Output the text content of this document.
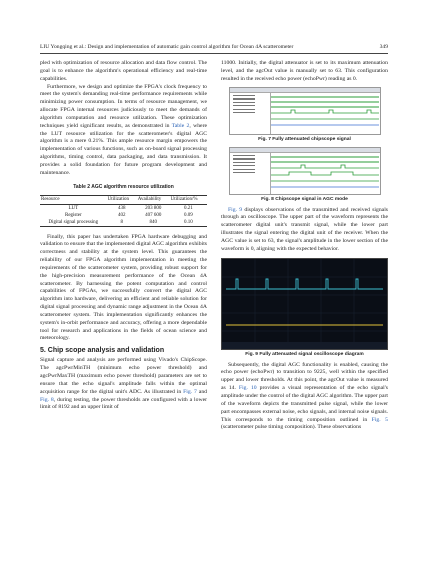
LIU Yongqing et al.: Design and implementation of automatic gain control algorithm for Ocean 4A scatterometer	349

pled with optimization of resource allocation and data flow control. The goal is to enhance the algorithm's operational efficiency and real-time capabilities.

Furthermore, we design and optimize the FPGA's clock frequency to meet the system's demanding real-time performance requirements while minimizing power consumption. In terms of resource management, we allocate FPGA internal resources judiciously to meet the demands of algorithm computation and resource utilization. These optimization techniques yield significant results, as demonstrated in Table 2, where the LUT resource utilization for the scatterometer's digital AGC algorithm is a mere 0.21%. This ample resource margin empowers the implementation of various functions, such as on-board signal processing algorithms, timing control, data packaging, and data transmission. It provides a solid foundation for future program development and maintenance.

Table 2 AGC algorithm resource utilization
Resource	Utilization	Availability	Utilization/%
LUT	438	203 800	0.21
Register	402	407 600	0.09
Digital signal processing	8	840	0.10

Finally, this paper has undertaken FPGA hardware debugging and validation to ensure that the implemented digital AGC algorithm exhibits correctness and stability at the system level. This guarantees the reliability of our FPGA algorithm implementation in meeting the requirements of the scatterometer system, providing robust support for the high-precision measurement performance of the Ocean 4A scatterometer. By harnessing the potent computation and control capabilities of FPGAs, we successfully convert the digital AGC algorithm into hardware, delivering an efficient and reliable solution for digital signal processing and dynamic range adjustment in the Ocean 4A scatterometer system. This implementation significantly enhances the system's in-orbit performance and accuracy, offering a more dependable tool for research and applications in the fields of ocean science and meteorology.

5. Chip scope analysis and validation

Signal capture and analysis are performed using Vivado's ChipScope. The agcPwrMinTH (minimum echo power threshold) and agcPwrMaxTH (maximum echo power threshold) parameters are set to ensure that the echo signal's amplitude falls within the optimal acquisition range for the digital unit's ADC. As illustrated in Fig. 7 and Fig. 8, during testing, the power thresholds are configured with a lower limit of 8192 and an upper limit of

11000. Initially, the digital attenuator is set to its maximum attenuation level, and the agcOut value is manually set to 63. This configuration resulted in the received echo power (echoPwr) reading as 0.

Fig. 7 Fully attenuated chipscope signal
Fig. 8 Chipscope signal in AGC mode

Fig. 9 displays observations of the transmitted and received signals through an oscilloscope. The upper part of the waveform represents the scatterometer digital unit's transmit signal, while the lower part illustrates the signal entering the digital unit of the receiver. When the AGC value is set to 63, the signal's amplitude in the lower section of the waveform is 0, aligning with the expected behavior.

Fig. 9 Fully attenuated signal oscilloscope diagram

Subsequently, the digital AGC functionality is enabled, causing the echo power (echoPwr) to transition to 9225, well within the specified upper and lower thresholds. At this point, the agcOut value is measured as 14. Fig. 10 provides a visual representation of the echo signal's amplitude under the control of the digital AGC algorithm. The upper part of the waveform depicts the transmitted pulse signal, while the lower part encompasses external noise, echo signals, and internal noise signals. This corresponds to the timing composition outlined in Fig. 5 (scatterometer pulse timing composition). These observations
